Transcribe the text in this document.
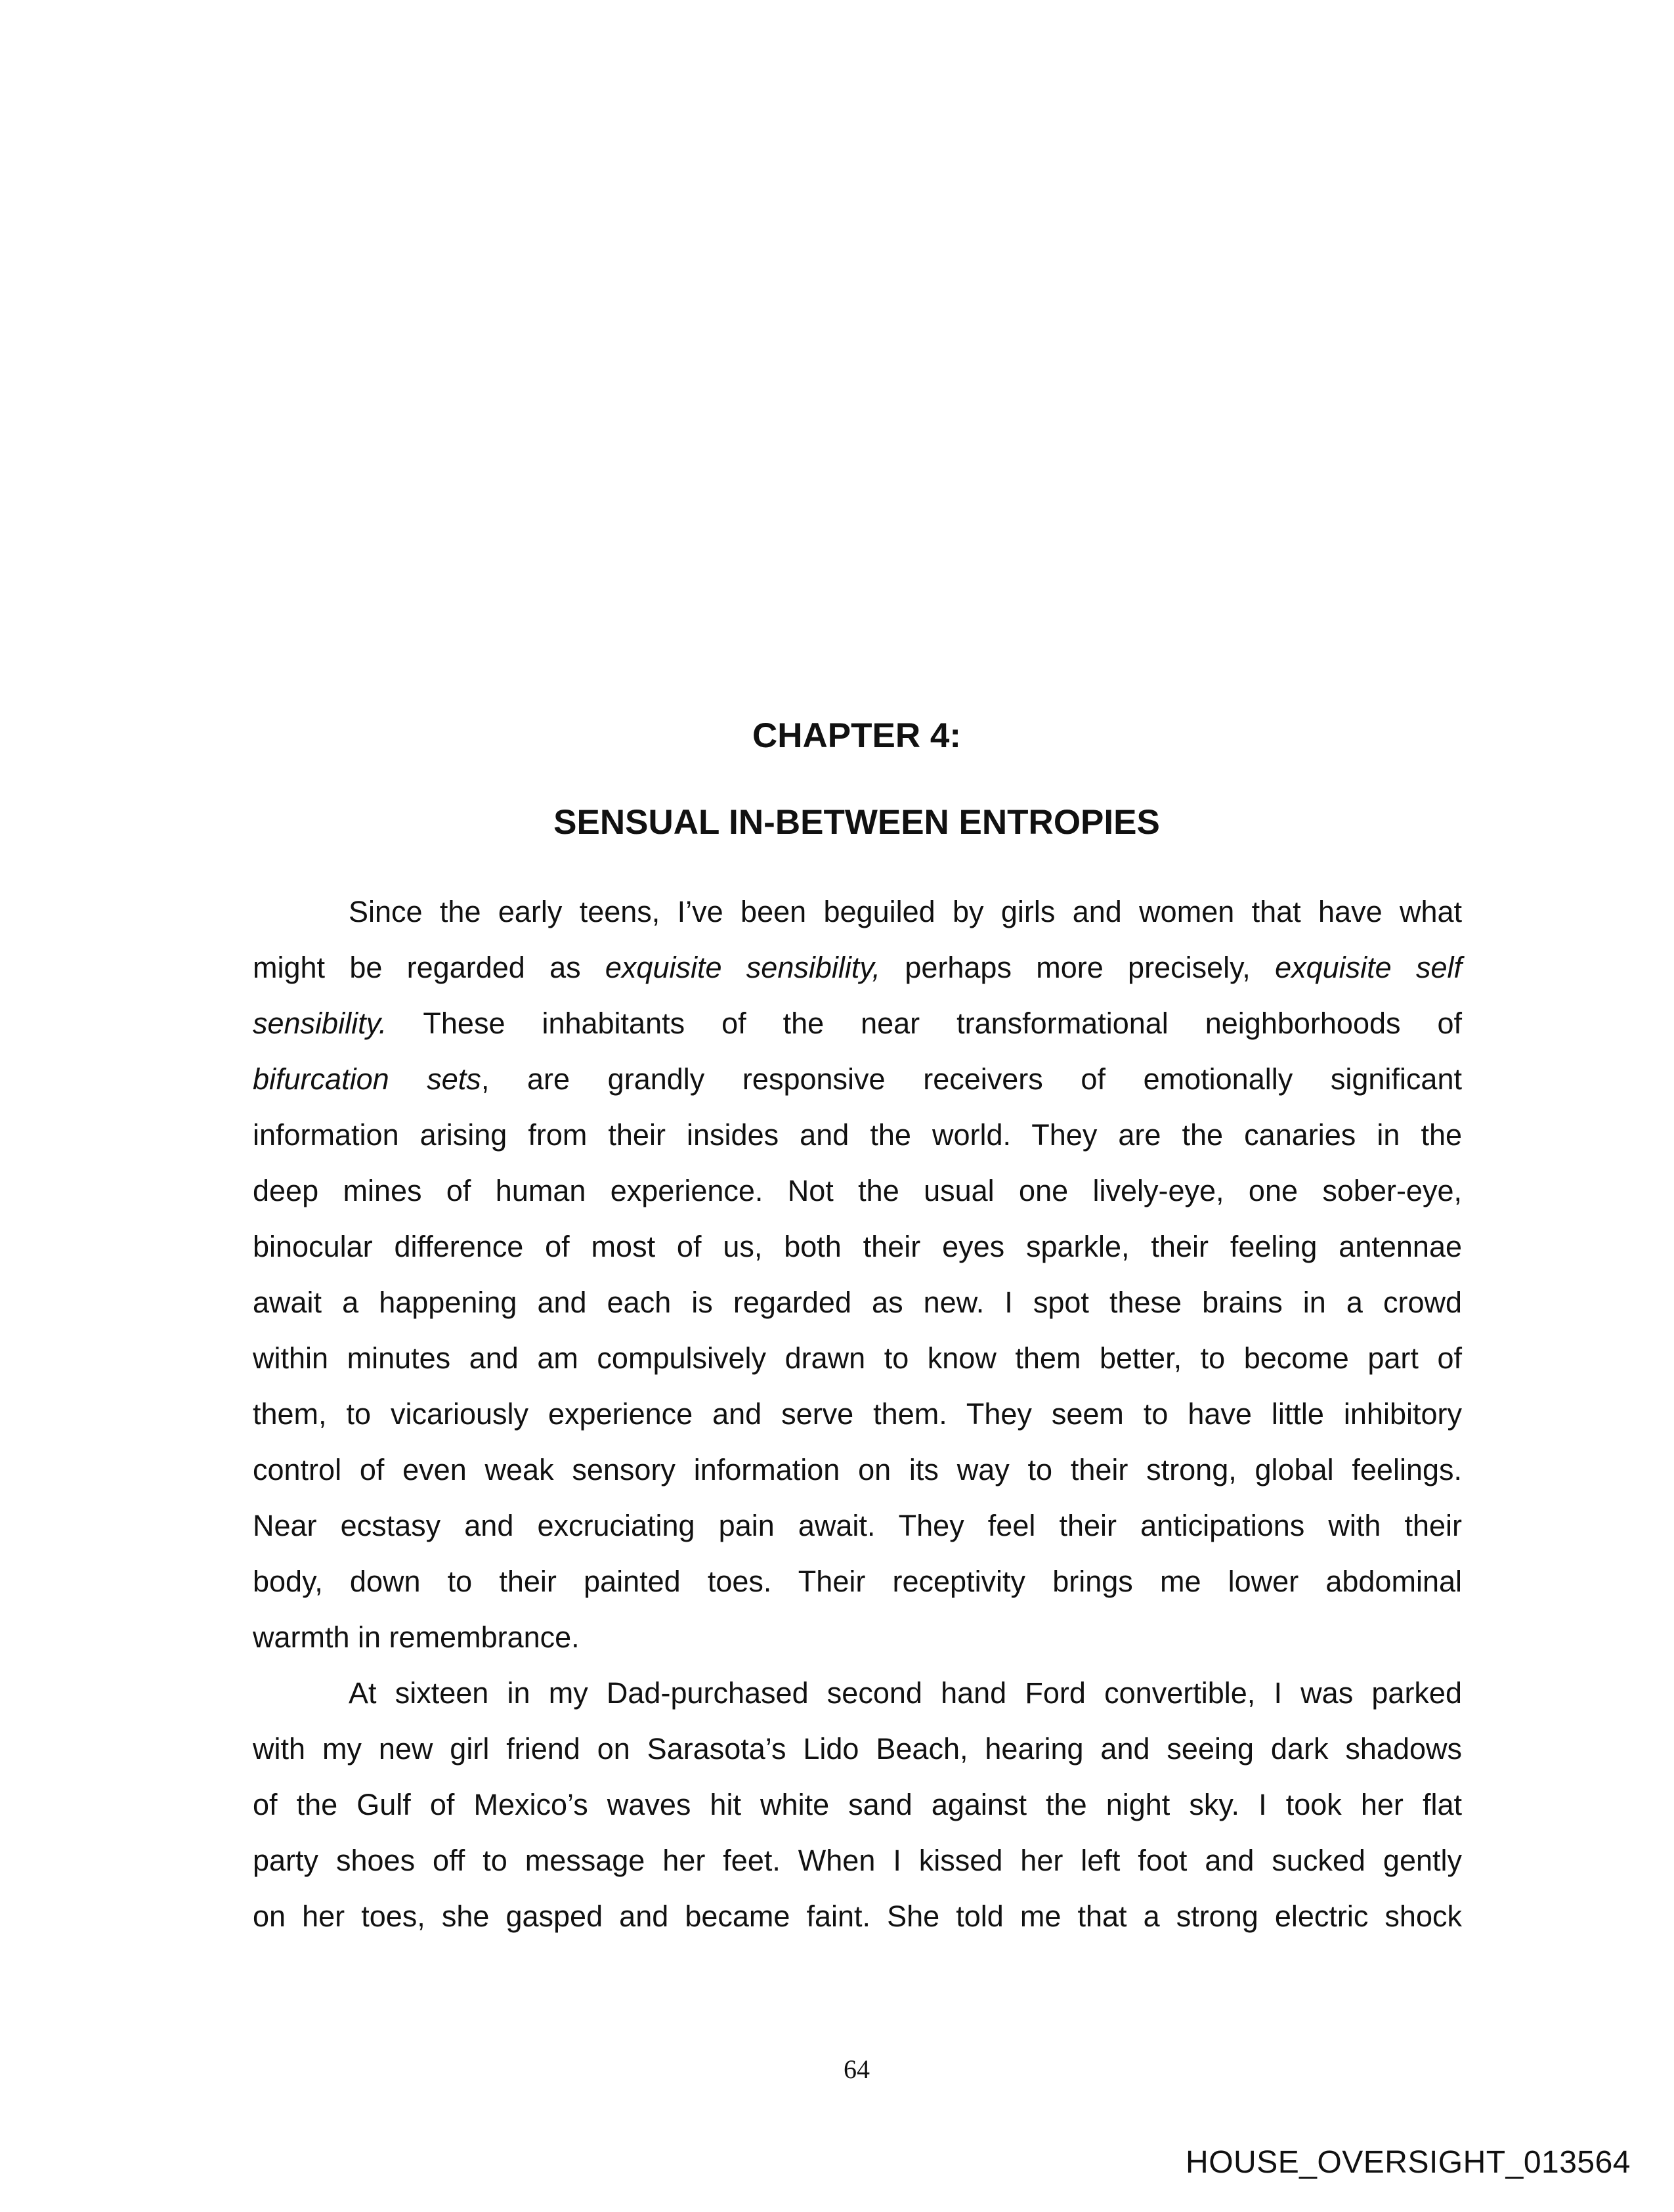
CHAPTER 4:
SENSUAL IN-BETWEEN ENTROPIES
Since the early teens, I’ve been beguiled by girls and women that have what
might be regarded as exquisite sensibility, perhaps more precisely, exquisite self
sensibility. These inhabitants of the near transformational neighborhoods of
bifurcation sets, are grandly responsive receivers of emotionally significant
information arising from their insides and the world. They are the canaries in the
deep mines of human experience. Not the usual one lively-eye, one sober-eye,
binocular difference of most of us, both their eyes sparkle, their feeling antennae
await a happening and each is regarded as new. I spot these brains in a crowd
within minutes and am compulsively drawn to know them better, to become part of
them, to vicariously experience and serve them. They seem to have little inhibitory
control of even weak sensory information on its way to their strong, global feelings.
Near ecstasy and excruciating pain await. They feel their anticipations with their
body, down to their painted toes. Their receptivity brings me lower abdominal
warmth in remembrance.
At sixteen in my Dad-purchased second hand Ford convertible, I was parked
with my new girl friend on Sarasota’s Lido Beach, hearing and seeing dark shadows
of the Gulf of Mexico’s waves hit white sand against the night sky. I took her flat
party shoes off to message her feet. When I kissed her left foot and sucked gently
on her toes, she gasped and became faint. She told me that a strong electric shock
64
HOUSE_OVERSIGHT_013564
